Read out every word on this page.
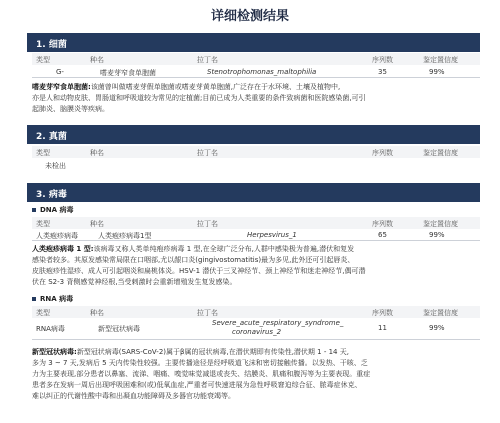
详细检测结果
1. 细菌
类型	种名	拉丁名	序列数	鉴定置信度
G-	嗜麦芽窄食单胞菌	Stenotrophomonas_maltophilia	35	99%
嗜麦芽窄食单胞菌:该菌曾叫做嗜麦芽假单胞菌或嗜麦芽黄单胞菌,广泛存在于水环境、土壤及植物中,
亦是人和动物皮肤、胃肠道和呼吸道较为常见的定植菌;目前已成为人类重要的条件致病菌和医院感染菌,可引
起肺炎、脑膜炎等疾病。
2. 真菌
类型	种名	拉丁名	序列数	鉴定置信度
未检出
3. 病毒
DNA 病毒
类型	种名	拉丁名	序列数	鉴定置信度
人类疱疹病毒	人类疱疹病毒1型	Herpesvirus_1	65	99%
人类疱疹病毒 1 型:该病毒又称人类单纯疱疹病毒 1 型,在全球广泛分布,人群中感染极为普遍,潜伏和复发
感染者较多。其原发感染常局限在口咽部,尤以龈口炎(gingivostomatitis)最为多见,此外还可引起唇炎、
皮肤疱疹性湿疹、成人可引起咽炎和扁桃体炎。HSV-1 潜伏于三叉神经节、颈上神经节和迷走神经节,偶可潜
伏在 S2-3 背侧感觉神经根,当受刺激时会重新增殖发生复发感染。
RNA 病毒
类型	种名	拉丁名	序列数	鉴定置信度
RNA病毒	新型冠状病毒
Severe_acute_respiratory_syndrome_
coronavirus_2	11	99%
新型冠状病毒:新型冠状病毒(SARS-CoV-2)属于β属的冠状病毒,在潜伏期即有传染性,潜伏期 1 - 14 天,
多为 3 ~ 7 天,发病后 5 天内传染性较强。主要传播途径是经呼吸道飞沫和密切接触传播。以发热、干咳、乏
力为主要表现,部分患者以鼻塞、流涕、咽痛、嗅觉味觉减退或丧失、结膜炎、肌痛和腹泻等为主要表现。重症
患者多在发病一周后出现呼吸困难和(或)低氧血症,严重者可快速进展为急性呼吸窘迫综合征、脓毒症休克、
难以纠正的代谢性酸中毒和出凝血功能障碍及多器官功能衰竭等。
